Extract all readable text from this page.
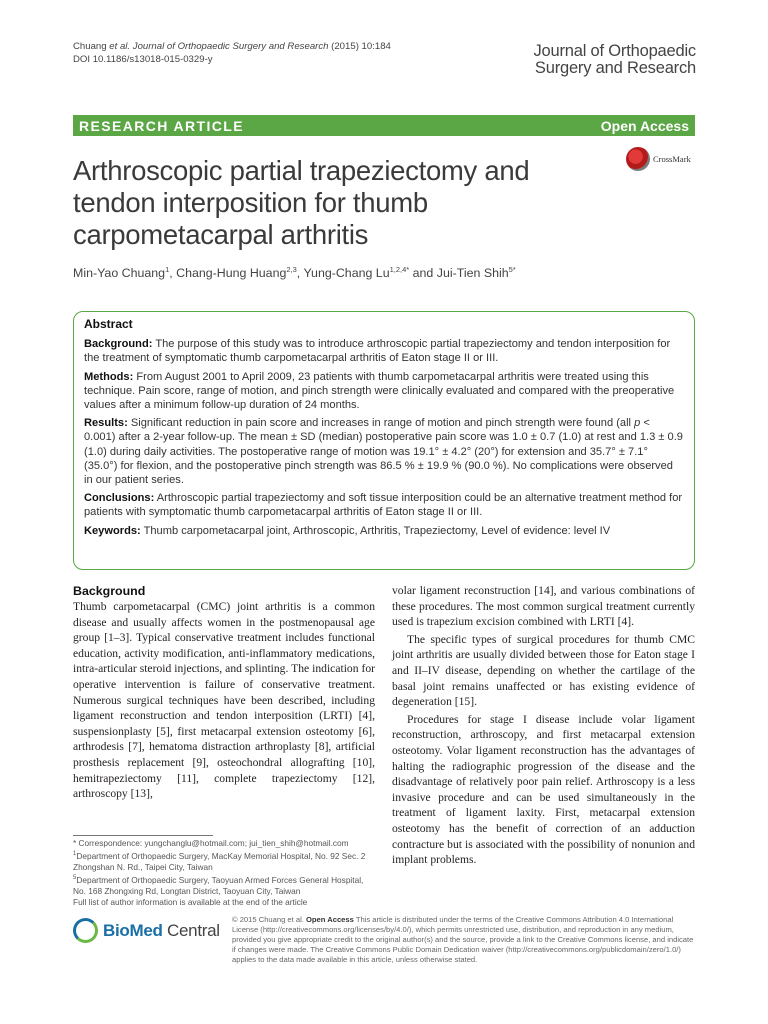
Chuang et al. Journal of Orthopaedic Surgery and Research (2015) 10:184
DOI 10.1186/s13018-015-0329-y	Journal of Orthopaedic
Surgery and Research
RESEARCH ARTICLE	Open Access
Arthroscopic partial trapeziectomy and tendon interposition for thumb carpometacarpal arthritis
CrossMark
Min-Yao Chuang$^1$, Chang-Hung Huang$^{2,3}$, Yung-Chang $Lu^{1,2,4*}$ and Jui-Tien Shih$^{5*}$
Abstract

Background: The purpose of this study was to introduce arthroscopic partial trapeziectomy and tendon interposition for the treatment of symptomatic thumb carpometacarpal arthritis of Eaton stage II or III.

Methods: From August 2001 to April 2009, 23 patients with thumb carpometacarpal arthritis were treated using this technique. Pain score, range of motion, and pinch strength were clinically evaluated and compared with the preoperative values after a minimum follow-up duration of 24 months.

Results: Significant reduction in pain score and increases in range of motion and pinch strength were found (all p < 0.001) after a 2-year follow-up. The mean ± SD (median) postoperative pain score was 1.0 ± 0.7 (1.0) at rest and 1.3 ± 0.9 (1.0) during daily activities. The postoperative range of motion was 19.1° ± 4.2° (20°) for extension and 35.7° ± 7.1° (35.0°) for flexion, and the postoperative pinch strength was 86.5 % ± 19.9 % (90.0 %). No complications were observed in our patient series.

Conclusions: Arthroscopic partial trapeziectomy and soft tissue interposition could be an alternative treatment method for patients with symptomatic thumb carpometacarpal arthritis of Eaton stage II or III.

Keywords: Thumb carpometacarpal joint, Arthroscopic, Arthritis, Trapeziectomy, Level of evidence: level IV

Background

Thumb carpometacarpal (CMC) joint arthritis is a common disease and usually affects women in the postmenopausal age group [1–3]. Typical conservative treatment includes functional education, activity modification, anti-inflammatory medications, intra-articular steroid injections, and splinting. The indication for operative intervention is failure of conservative treatment. Numerous surgical techniques have been described, including ligament reconstruction and tendon interposition (LRTI) [4], suspensionplasty [5], first metacarpal extension osteotomy [6], arthrodesis [7], hematoma distraction arthroplasty [8], artificial prosthesis replacement [9], osteochondral allografting [10], hemitrapeziectomy [11], complete trapeziectomy [12], arthroscopy [13],

volar ligament reconstruction [14], and various combinations of these procedures. The most common surgical treatment currently used is trapezium excision combined with LRTI [4].

The specific types of surgical procedures for thumb CMC joint arthritis are usually divided between those for Eaton stage I and II–IV disease, depending on whether the cartilage of the basal joint remains unaffected or has existing evidence of degeneration [15].

Procedures for stage I disease include volar ligament reconstruction, arthroscopy, and first metacarpal extension osteotomy. Volar ligament reconstruction has the advantages of halting the radiographic progression of the disease and the disadvantage of relatively poor pain relief. Arthroscopy is a less invasive procedure and can be used simultaneously in the treatment of ligament laxity. First, metacarpal extension osteotomy has the benefit of correction of an adduction contracture but is associated with the possibility of nonunion and implant problems.

* Correspondence: yungchanglu@hotmail.com; jui_tien_shih@hotmail.com
$^1$Department of Orthopaedic Surgery, MacKay Memorial Hospital, No. 92 Sec. 2 Zhongshan N. Rd., Taipei City, Taiwan
$^5$Department of Orthopaedic Surgery, Taoyuan Armed Forces General Hospital, No. 168 Zhongxing Rd, Longtan District, Taoyuan City, Taiwan
Full list of author information is available at the end of the article
BioMed Central
© 2015 Chuang et al. Open Access This article is distributed under the terms of the Creative Commons Attribution 4.0 International License (http://creativecommons.org/licenses/by/4.0/), which permits unrestricted use, distribution, and reproduction in any medium, provided you give appropriate credit to the original author(s) and the source, provide a link to the Creative Commons license, and indicate if changes were made. The Creative Commons Public Domain Dedication waiver (http://creativecommons.org/publicdomain/zero/1.0/) applies to the data made available in this article, unless otherwise stated.
